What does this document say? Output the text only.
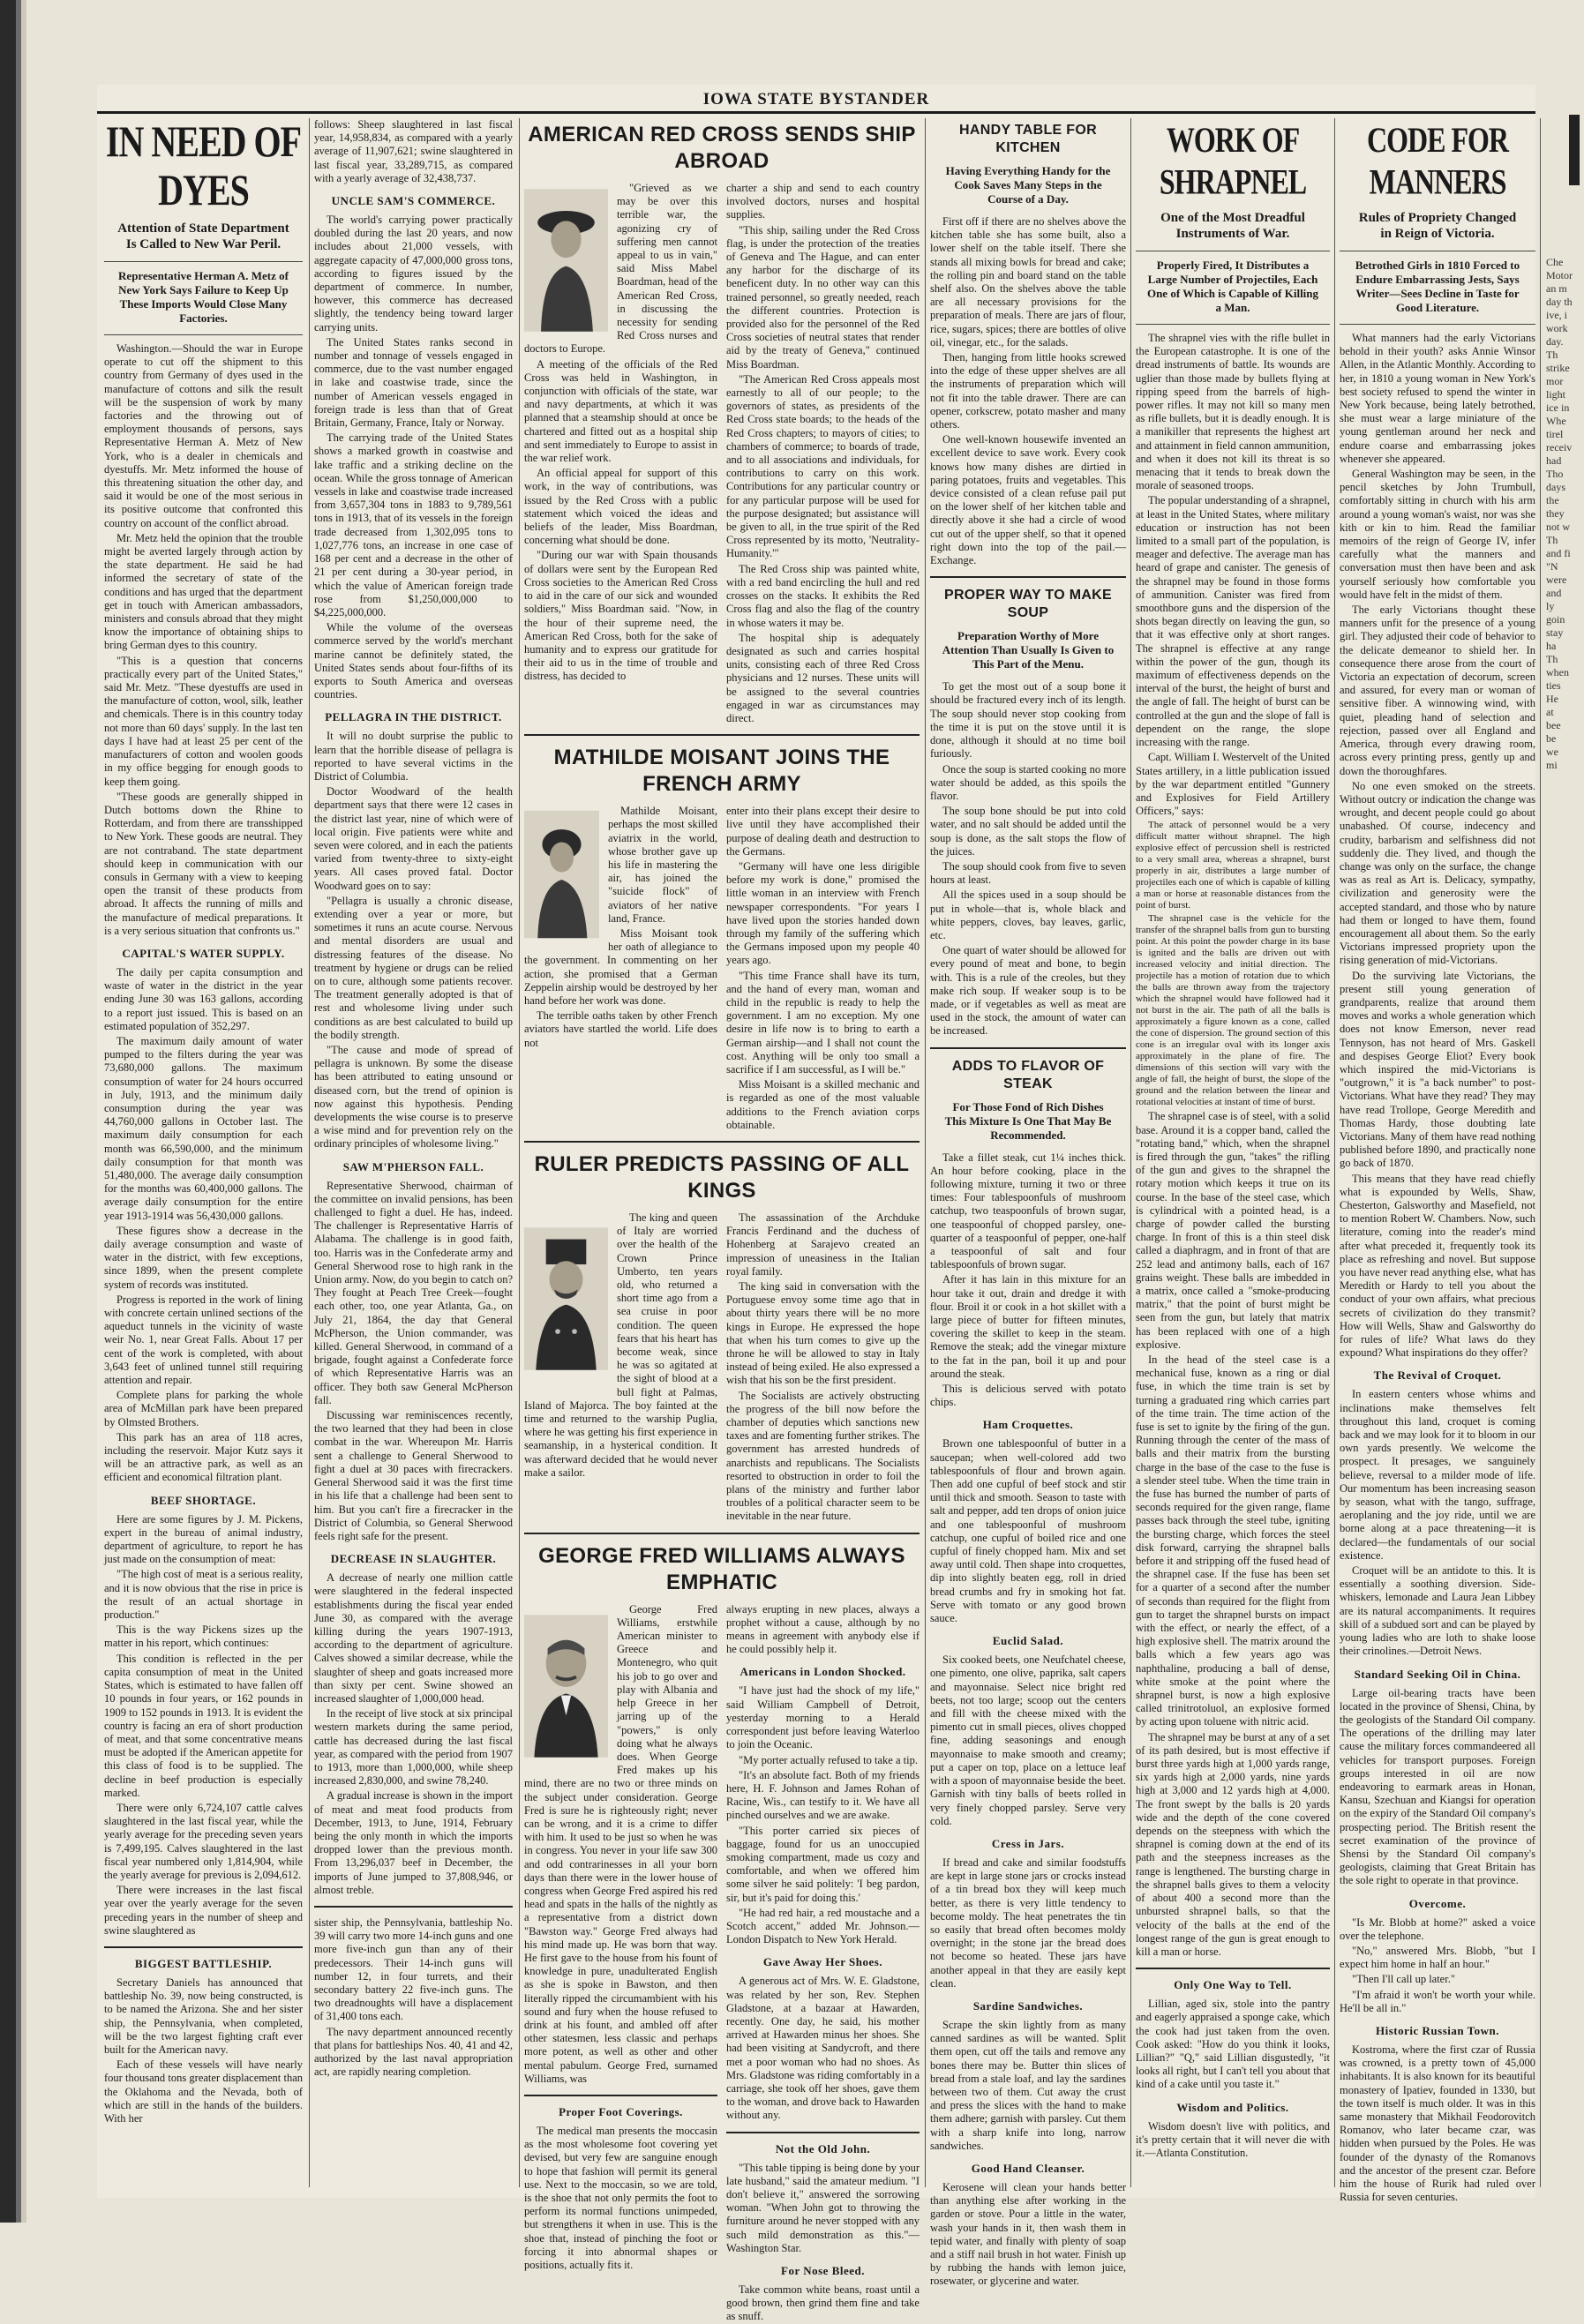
IOWA STATE BYSTANDER
IN NEED OF DYES
Attention of State Department Is Called to New War Peril.
Representative Herman A. Metz of New York Says Failure to Keep Up These Imports Would Close Many Factories.

Washington.—Should the war in Europe operate to cut off the shipment to this country from Germany of dyes used in the manufacture of cottons and silk the result will be the suspension of work by many factories and the throwing out of employment thousands of persons, says Representative Herman A. Metz of New York, who is a dealer in chemicals and dyestuffs. Mr. Metz informed the house of this threatening situation the other day, and said it would be one of the most serious in its positive outcome that confronted this country on account of the conflict abroad.

Mr. Metz held the opinion that the trouble might be averted largely through action by the state department. He said he had informed the secretary of state of the conditions and has urged that the department get in touch with American ambassadors, ministers and consuls abroad that they might know the importance of obtaining ships to bring German dyes to this country.

"This is a question that concerns practically every part of the United States," said Mr. Metz. "These dyestuffs are used in the manufacture of cotton, wool, silk, leather and chemicals. There is in this country today not more than 60 days' supply. In the last ten days I have had at least 25 per cent of the manufacturers of cotton and woolen goods in my office begging for enough goods to keep them going.

"These goods are generally shipped in Dutch bottoms down the Rhine to Rotterdam, and from there are transshipped to New York. These goods are neutral. They are not contraband. The state department should keep in communication with our consuls in Germany with a view to keeping open the transit of these products from abroad. It affects the running of mills and the manufacture of medical preparations. It is a very serious situation that confronts us."

CAPITAL'S WATER SUPPLY.

The daily per capita consumption and waste of water in the district in the year ending June 30 was 163 gallons, according to a report just issued. This is based on an estimated population of 352,297.

The maximum daily amount of water pumped to the filters during the year was 73,680,000 gallons. The maximum consumption of water for 24 hours occurred in July, 1913, and the minimum daily consumption during the year was 44,760,000 gallons in October last. The maximum daily consumption for each month was 66,590,000, and the minimum daily consumption for that month was 51,480,000. The average daily consumption for the months was 60,400,000 gallons. The average daily consumption for the entire year 1913-1914 was 56,430,000 gallons.

These figures show a decrease in the daily average consumption and waste of water in the district, with few exceptions, since 1899, when the present complete system of records was instituted.

Progress is reported in the work of lining with concrete certain unlined sections of the aqueduct tunnels in the vicinity of waste weir No. 1, near Great Falls. About 17 per cent of the work is completed, with about 3,643 feet of unlined tunnel still requiring attention and repair.

Complete plans for parking the whole area of McMillan park have been prepared by Olmsted Brothers.

This park has an area of 118 acres, including the reservoir. Major Kutz says it will be an attractive park, as well as an efficient and economical filtration plant.

BEEF SHORTAGE.

Here are some figures by J. M. Pickens, expert in the bureau of animal industry, department of agriculture, to report he has just made on the consumption of meat:

"The high cost of meat is a serious reality, and it is now obvious that the rise in price is the result of an actual shortage in production."

This is the way Pickens sizes up the matter in his report, which continues:

This condition is reflected in the per capita consumption of meat in the United States, which is estimated to have fallen off 10 pounds in four years, or 162 pounds in 1909 to 152 pounds in 1913. It is evident the country is facing an era of short production of meat, and that some concentrative means must be adopted if the American appetite for this class of food is to be supplied. The decline in beef production is especially marked.

There were only 6,724,107 cattle calves slaughtered in the last fiscal year, while the yearly average for the preceding seven years is 7,499,195. Calves slaughtered in the last fiscal year numbered only 1,814,904, while the yearly average for previous is 2,094,612.

There were increases in the last fiscal year over the yearly average for the seven preceding years in the number of sheep and swine slaughtered as

BIGGEST BATTLESHIP.

Secretary Daniels has announced that battleship No. 39, now being constructed, is to be named the Arizona. She and her sister ship, the Pennsylvania, when completed, will be the two largest fighting craft ever built for the American navy.

Each of these vessels will have nearly four thousand tons greater displacement than the Oklahoma and the Nevada, both of which are still in the hands of the builders. With her

follows: Sheep slaughtered in last fiscal year, 14,958,834, as compared with a yearly average of 11,907,621; swine slaughtered in last fiscal year, 33,289,715, as compared with a yearly average of 32,438,737.

UNCLE SAM'S COMMERCE.

The world's carrying power practically doubled during the last 20 years, and now includes about 21,000 vessels, with aggregate capacity of 47,000,000 gross tons, according to figures issued by the department of commerce. In number, however, this commerce has decreased slightly, the tendency being toward larger carrying units.

The United States ranks second in number and tonnage of vessels engaged in commerce, due to the vast number engaged in lake and coastwise trade, since the number of American vessels engaged in foreign trade is less than that of Great Britain, Germany, France, Italy or Norway.

The carrying trade of the United States shows a marked growth in coastwise and lake traffic and a striking decline on the ocean. While the gross tonnage of American vessels in lake and coastwise trade increased from 3,657,304 tons in 1883 to 9,789,561 tons in 1913, that of its vessels in the foreign trade decreased from 1,302,095 tons to 1,027,776 tons, an increase in one case of 168 per cent and a decrease in the other of 21 per cent during a 30-year period, in which the value of American foreign trade rose from $1,250,000,000 to $4,225,000,000.

While the volume of the overseas commerce served by the world's merchant marine cannot be definitely stated, the United States sends about four-fifths of its exports to South America and overseas countries.

PELLAGRA IN THE DISTRICT.

It will no doubt surprise the public to learn that the horrible disease of pellagra is reported to have several victims in the District of Columbia.

Doctor Woodward of the health department says that there were 12 cases in the district last year, nine of which were of local origin. Five patients were white and seven were colored, and in each the patients varied from twenty-three to sixty-eight years. All cases proved fatal. Doctor Woodward goes on to say:

"Pellagra is usually a chronic disease, extending over a year or more, but sometimes it runs an acute course. Nervous and mental disorders are usual and distressing features of the disease. No treatment by hygiene or drugs can be relied on to cure, although some patients recover. The treatment generally adopted is that of rest and wholesome living under such conditions as are best calculated to build up the bodily strength.

"The cause and mode of spread of pellagra is unknown. By some the disease has been attributed to eating unsound or diseased corn, but the trend of opinion is now against this hypothesis. Pending developments the wise course is to preserve a wise mind and for prevention rely on the ordinary principles of wholesome living."

SAW M'PHERSON FALL.

Representative Sherwood, chairman of the committee on invalid pensions, has been challenged to fight a duel. He has, indeed. The challenger is Representative Harris of Alabama. The challenge is in good faith, too. Harris was in the Confederate army and General Sherwood rose to high rank in the Union army. Now, do you begin to catch on? They fought at Peach Tree Creek—fought each other, too, one year Atlanta, Ga., on July 21, 1864, the day that General McPherson, the Union commander, was killed. General Sherwood, in command of a brigade, fought against a Confederate force of which Representative Harris was an officer. They both saw General McPherson fall.

Discussing war reminiscences recently, the two learned that they had been in close combat in the war. Whereupon Mr. Harris sent a challenge to General Sherwood to fight a duel at 30 paces with firecrackers. General Sherwood said it was the first time in his life that a challenge had been sent to him. But you can't fire a firecracker in the District of Columbia, so General Sherwood feels right safe for the present.

DECREASE IN SLAUGHTER.

A decrease of nearly one million cattle were slaughtered in the federal inspected establishments during the fiscal year ended June 30, as compared with the average killing during the years 1907-1913, according to the department of agriculture. Calves showed a similar decrease, while the slaughter of sheep and goats increased more than sixty per cent. Swine showed an increased slaughter of 1,000,000 head.

In the receipt of live stock at six principal western markets during the same period, cattle has decreased during the last fiscal year, as compared with the period from 1907 to 1913, more than 1,000,000, while sheep increased 2,830,000, and swine 78,240.

A gradual increase is shown in the import of meat and meat food products from December, 1913, to June, 1914, February being the only month in which the imports dropped lower than the previous month. From 13,296,037 beef in December, the imports of June jumped to 37,808,946, or almost treble.

sister ship, the Pennsylvania, battleship No. 39 will carry two more 14-inch guns and one more five-inch gun than any of their predecessors. Their 14-inch guns will number 12, in four turrets, and their secondary battery 22 five-inch guns. The two dreadnoughts will have a displacement of 31,400 tons each.

The navy department announced recently that plans for battleships Nos. 40, 41 and 42, authorized by the last naval appropriation act, are rapidly nearing completion.

AMERICAN RED CROSS SENDS SHIP ABROAD

"Grieved as we may be over this terrible war, the agonizing cry of suffering men cannot appeal to us in vain," said Miss Mabel Boardman, head of the American Red Cross, in discussing the necessity for sending Red Cross nurses and doctors to Europe.

A meeting of the officials of the Red Cross was held in Washington, in conjunction with officials of the state, war and navy departments, at which it was planned that a steamship should at once be chartered and fitted out as a hospital ship and sent immediately to Europe to assist in the war relief work.

An official appeal for support of this work, in the way of contributions, was issued by the Red Cross with a public statement which voiced the ideas and beliefs of the leader, Miss Boardman, concerning what should be done.

"During our war with Spain thousands of dollars were sent by the European Red Cross societies to the American Red Cross to aid in the care of our sick and wounded soldiers," Miss Boardman said. "Now, in the hour of their supreme need, the American Red Cross, both for the sake of humanity and to express our gratitude for their aid to us in the time of trouble and distress, has decided to

charter a ship and send to each country involved doctors, nurses and hospital supplies.

"This ship, sailing under the Red Cross flag, is under the protection of the treaties of Geneva and The Hague, and can enter any harbor for the discharge of its beneficent duty. In no other way can this trained personnel, so greatly needed, reach the different countries. Protection is provided also for the personnel of the Red Cross societies of neutral states that render aid by the treaty of Geneva," continued Miss Boardman.

"The American Red Cross appeals most earnestly to all of our people; to the governors of states, as presidents of the Red Cross state boards; to the heads of the Red Cross chapters; to mayors of cities; to chambers of commerce; to boards of trade, and to all associations and individuals, for contributions to carry on this work. Contributions for any particular country or for any particular purpose will be used for the purpose designated; but assistance will be given to all, in the true spirit of the Red Cross represented by its motto, 'Neutrality-Humanity.'"

The Red Cross ship was painted white, with a red band encircling the hull and red crosses on the stacks. It exhibits the Red Cross flag and also the flag of the country in whose waters it may be.

The hospital ship is adequately designated as such and carries hospital units, consisting each of three Red Cross physicians and 12 nurses. These units will be assigned to the several countries engaged in war as circumstances may direct.

MATHILDE MOISANT JOINS THE FRENCH ARMY

Mathilde Moisant, perhaps the most skilled aviatrix in the world, whose brother gave up his life in mastering the air, has joined the "suicide flock" of aviators of her native land, France.

Miss Moisant took her oath of allegiance to the government. In commenting on her action, she promised that a German Zeppelin airship would be destroyed by her hand before her work was done.

The terrible oaths taken by other French aviators have startled the world. Life does not

enter into their plans except their desire to live until they have accomplished their purpose of dealing death and destruction to the Germans.

"Germany will have one less dirigible before my work is done," promised the little woman in an interview with French newspaper correspondents. "For years I have lived upon the stories handed down through my family of the suffering which the Germans imposed upon my people 40 years ago.

"This time France shall have its turn, and the hand of every man, woman and child in the republic is ready to help the government. I am no exception. My one desire in life now is to bring to earth a German airship—and I shall not count the cost. Anything will be only too small a sacrifice if I am successful, as I will be."

Miss Moisant is a skilled mechanic and is regarded as one of the most valuable additions to the French aviation corps obtainable.

RULER PREDICTS PASSING OF ALL KINGS

The king and queen of Italy are worried over the health of the Crown Prince Umberto, ten years old, who returned a short time ago from a sea cruise in poor condition. The queen fears that his heart has become weak, since he was so agitated at the sight of blood at a bull fight at Palmas, Island of Majorca. The boy fainted at the time and returned to the warship Puglia, where he was getting his first experience in seamanship, in a hysterical condition. It was afterward decided that he would never make a sailor.

The assassination of the Archduke Francis Ferdinand and the duchess of Hohenberg at Sarajevo created an impression of uneasiness in the Italian royal family.

The king said in conversation with the Portuguese envoy some time ago that in about thirty years there will be no more kings in Europe. He expressed the hope that when his turn comes to give up the throne he will be allowed to stay in Italy instead of being exiled. He also expressed a wish that his son be the first president.

The Socialists are actively obstructing the progress of the bill now before the chamber of deputies which sanctions new taxes and are fomenting further strikes. The government has arrested hundreds of anarchists and republicans. The Socialists resorted to obstruction in order to foil the plans of the ministry and further labor troubles of a political character seem to be inevitable in the near future.

GEORGE FRED WILLIAMS ALWAYS EMPHATIC

George Fred Williams, erstwhile American minister to Greece and Montenegro, who quit his job to go over and play with Albania and help Greece in her jarring up of the "powers," is only doing what he always does. When George Fred makes up his mind, there are no two or three minds on the subject under consideration. George Fred is sure he is righteously right; never can be wrong, and it is a crime to differ with him. It used to be just so when he was in congress. You never in your life saw 300 and odd contrarinesses in all your born days than there were in the lower house of congress when George Fred aspired his red head and spats in the halls of the nightly as a representative from a district down "Bawston way." George Fred always had his mind made up. He was born that way. He first gave to the house from his fount of knowledge in pure, unadulterated English as she is spoke in Bawston, and then literally ripped the circumambient with his sound and fury when the house refused to drink at his fount, and ambled off after other statesmen, less classic and perhaps more potent, as well as other and other mental pabulum. George Fred, surnamed Williams, was

Proper Foot Coverings.

The medical man presents the moccasin as the most wholesome foot covering yet devised, but very few are sanguine enough to hope that fashion will permit its general use. Next to the moccasin, so we are told, is the shoe that not only permits the foot to perform its normal functions unimpeded, but strengthens it when in use. This is the shoe that, instead of pinching the foot or forcing it into abnormal shapes or positions, actually fits it.

always erupting in new places, always a prophet without a cause, although by no means in agreement with anybody else if he could possibly help it.

Americans in London Shocked.

"I have just had the shock of my life," said William Campbell of Detroit, yesterday morning to a Herald correspondent just before leaving Waterloo to join the Oceanic.

"My porter actually refused to take a tip.

"It's an absolute fact. Both of my friends here, H. F. Johnson and James Rohan of Racine, Wis., can testify to it. We have all pinched ourselves and we are awake.

"This porter carried six pieces of baggage, found for us an unoccupied smoking compartment, made us cozy and comfortable, and when we offered him some silver he said politely: 'I beg pardon, sir, but it's paid for doing this.'

"He had red hair, a red moustache and a Scotch accent," added Mr. Johnson.—London Dispatch to New York Herald.

Gave Away Her Shoes.

A generous act of Mrs. W. E. Gladstone, was related by her son, Rev. Stephen Gladstone, at a bazaar at Hawarden, recently. One day, he said, his mother arrived at Hawarden minus her shoes. She had been visiting at Sandycroft, and there met a poor woman who had no shoes. As Mrs. Gladstone was riding comfortably in a carriage, she took off her shoes, gave them to the woman, and drove back to Hawarden without any.

Not the Old John.

"This table tipping is being done by your late husband," said the amateur medium. "I don't believe it," answered the sorrowing woman. "When John got to throwing the furniture around he never stopped with any such mild demonstration as this."—Washington Star.

For Nose Bleed.

Take common white beans, roast until a good brown, then grind them fine and take as snuff.

HANDY TABLE FOR KITCHEN
Having Everything Handy for the Cook Saves Many Steps in the Course of a Day.

First off if there are no shelves above the kitchen table she has some built, also a lower shelf on the table itself. There she stands all mixing bowls for bread and cake; the rolling pin and board stand on the table shelf also. On the shelves above the table are all necessary provisions for the preparation of meals. There are jars of flour, rice, sugars, spices; there are bottles of olive oil, vinegar, etc., for the salads.

Then, hanging from little hooks screwed into the edge of these upper shelves are all the instruments of preparation which will not fit into the table drawer. There are can opener, corkscrew, potato masher and many others.

One well-known housewife invented an excellent device to save work. Every cook knows how many dishes are dirtied in paring potatoes, fruits and vegetables. This device consisted of a clean refuse pail put on the lower shelf of her kitchen table and directly above it she had a circle of wood cut out of the upper shelf, so that it opened right down into the top of the pail.—Exchange.

PROPER WAY TO MAKE SOUP
Preparation Worthy of More Attention Than Usually Is Given to This Part of the Menu.

To get the most out of a soup bone it should be fractured every inch of its length. The soup should never stop cooking from the time it is put on the stove until it is done, although it should at no time boil furiously.

Once the soup is started cooking no more water should be added, as this spoils the flavor.

The soup bone should be put into cold water, and no salt should be added until the soup is done, as the salt stops the flow of the juices.

The soup should cook from five to seven hours at least.

All the spices used in a soup should be put in whole—that is, whole black and white peppers, cloves, bay leaves, garlic, etc.

One quart of water should be allowed for every pound of meat and bone, to begin with. This is a rule of the creoles, but they make rich soup. If weaker soup is to be made, or if vegetables as well as meat are used in the stock, the amount of water can be increased.

ADDS TO FLAVOR OF STEAK
For Those Fond of Rich Dishes This Mixture Is One That May Be Recommended.

Take a fillet steak, cut 1¼ inches thick. An hour before cooking, place in the following mixture, turning it two or three times: Four tablespoonfuls of mushroom catchup, two teaspoonfuls of brown sugar, one teaspoonful of chopped parsley, one-quarter of a teaspoonful of pepper, one-half a teaspoonful of salt and four tablespoonfuls of brown sugar.

After it has lain in this mixture for an hour take it out, drain and dredge it with flour. Broil it or cook in a hot skillet with a large piece of butter for fifteen minutes, covering the skillet to keep in the steam. Remove the steak; add the vinegar mixture to the fat in the pan, boil it up and pour around the steak.

This is delicious served with potato chips.

Ham Croquettes.

Brown one tablespoonful of butter in a saucepan; when well-colored add two tablespoonfuls of flour and brown again. Then add one cupful of beef stock and stir until thick and smooth. Season to taste with salt and pepper, add ten drops of onion juice and one tablespoonful of mushroom catchup, one cupful of boiled rice and one cupful of finely chopped ham. Mix and set away until cold. Then shape into croquettes, dip into slightly beaten egg, roll in dried bread crumbs and fry in smoking hot fat. Serve with tomato or any good brown sauce.

Euclid Salad.

Six cooked beets, one Neufchatel cheese, one pimento, one olive, paprika, salt capers and mayonnaise. Select nice bright red beets, not too large; scoop out the centers and fill with the cheese mixed with the pimento cut in small pieces, olives chopped fine, adding seasonings and enough mayonnaise to make smooth and creamy; put a caper on top, place on a lettuce leaf with a spoon of mayonnaise beside the beet. Garnish with tiny balls of beets rolled in very finely chopped parsley. Serve very cold.

Cress in Jars.

If bread and cake and similar foodstuffs are kept in large stone jars or crocks instead of a tin bread box they will keep much better, as there is very little tendency to become moldy. The heat penetrates the tin so easily that bread often becomes moldy overnight; in the stone jar the bread does not become so heated. These jars have another appeal in that they are easily kept clean.

Sardine Sandwiches.

Scrape the skin lightly from as many canned sardines as will be wanted. Split them open, cut off the tails and remove any bones there may be. Butter thin slices of bread from a stale loaf, and lay the sardines between two of them. Cut away the crust and press the slices with the hand to make them adhere; garnish with parsley. Cut them with a sharp knife into long, narrow sandwiches.

Good Hand Cleanser.

Kerosene will clean your hands better than anything else after working in the garden or stove. Pour a little in the water, wash your hands in it, then wash them in tepid water, and finally with plenty of soap and a stiff nail brush in hot water. Finish up by rubbing the hands with lemon juice, rosewater, or glycerine and water.

WORK OF SHRAPNEL
One of the Most Dreadful Instruments of War.
Properly Fired, It Distributes a Large Number of Projectiles, Each One of Which is Capable of Killing a Man.

The shrapnel vies with the rifle bullet in the European catastrophe. It is one of the dread instruments of battle. Its wounds are uglier than those made by bullets flying at ripping speed from the barrels of high-power rifles. It may not kill so many men as rifle bullets, but it is deadly enough. It is a manikiller that represents the highest art and attainment in field cannon ammunition, and when it does not kill its threat is so menacing that it tends to break down the morale of seasoned troops.

The popular understanding of a shrapnel, at least in the United States, where military education or instruction has not been limited to a small part of the population, is meager and defective. The average man has heard of grape and canister. The genesis of the shrapnel may be found in those forms of ammunition. Canister was fired from smoothbore guns and the dispersion of the shots began directly on leaving the gun, so that it was effective only at short ranges. The shrapnel is effective at any range within the power of the gun, though its maximum of effectiveness depends on the interval of the burst, the height of burst and the angle of fall. The height of burst can be controlled at the gun and the slope of fall is dependent on the range, the slope increasing with the range.

Capt. William I. Westervelt of the United States artillery, in a little publication issued by the war department entitled "Gunnery and Explosives for Field Artillery Officers," says:

The attack of personnel would be a very difficult matter without shrapnel. The high explosive effect of percussion shell is restricted to a very small area, whereas a shrapnel, burst properly in air, distributes a large number of projectiles each one of which is capable of killing a man or horse at reasonable distances from the point of burst.

The shrapnel case is the vehicle for the transfer of the shrapnel balls from gun to bursting point. At this point the powder charge in its base is ignited and the balls are driven out with increased velocity and initial direction. The projectile has a motion of rotation due to which the balls are thrown away from the trajectory which the shrapnel would have followed had it not burst in the air. The path of all the balls is approximately a figure known as a cone, called the cone of dispersion. The ground section of this cone is an irregular oval with its longer axis approximately in the plane of fire. The dimensions of this section will vary with the angle of fall, the height of burst, the slope of the ground and the relation between the linear and rotational velocities at instant of time of burst.

The shrapnel case is of steel, with a solid base. Around it is a copper band, called the "rotating band," which, when the shrapnel is fired through the gun, "takes" the rifling of the gun and gives to the shrapnel the rotary motion which keeps it true on its course. In the base of the steel case, which is cylindrical with a pointed head, is a charge of powder called the bursting charge. In front of this is a thin steel disk called a diaphragm, and in front of that are 252 lead and antimony balls, each of 167 grains weight. These balls are imbedded in a matrix, once called a "smoke-producing matrix," that the point of burst might be seen from the gun, but lately that matrix has been replaced with one of a high explosive.

In the head of the steel case is a mechanical fuse, known as a ring or dial fuse, in which the time train is set by turning a graduated ring which carries part of the time train. The time action of the fuse is set to ignite by the firing of the gun. Running through the center of the mass of balls and their matrix from the bursting charge in the base of the case to the fuse is a slender steel tube. When the time train in the fuse has burned the number of parts of seconds required for the given range, flame passes back through the steel tube, igniting the bursting charge, which forces the steel disk forward, carrying the shrapnel balls before it and stripping off the fused head of the shrapnel case. If the fuse has been set for a quarter of a second after the number of seconds than required for the flight from gun to target the shrapnel bursts on impact with the effect, or nearly the effect, of a high explosive shell. The matrix around the balls which a few years ago was naphthaline, producing a ball of dense, white smoke at the point where the shrapnel burst, is now a high explosive called trinitrotoluol, an explosive formed by acting upon toluene with nitric acid.

The shrapnel may be burst at any of a set of its path desired, but is most effective if burst three yards high at 1,000 yards range, six yards high at 2,000 yards, nine yards high at 3,000 and 12 yards high at 4,000. The front swept by the balls is 20 yards wide and the depth of the cone covered depends on the steepness with which the shrapnel is coming down at the end of its path and the steepness increases as the range is lengthened. The bursting charge in the shrapnel balls gives to them a velocity of about 400 a second more than the unbursted shrapnel balls, so that the velocity of the balls at the end of the longest range of the gun is great enough to kill a man or horse.

Only One Way to Tell.

Lillian, aged six, stole into the pantry and eagerly appraised a sponge cake, which the cook had just taken from the oven. Cook asked: "How do you think it looks, Lillian?" "Q," said Lillian disgustedly, "it looks all right, but I can't tell you about that kind of a cake until you taste it."

Wisdom and Politics.

Wisdom doesn't live with politics, and it's pretty certain that it will never die with it.—Atlanta Constitution.

CODE FOR MANNERS
Rules of Propriety Changed in Reign of Victoria.
Betrothed Girls in 1810 Forced to Endure Embarrassing Jests, Says Writer—Sees Decline in Taste for Good Literature.

What manners had the early Victorians behold in their youth? asks Annie Winsor Allen, in the Atlantic Monthly. According to her, in 1810 a young woman in New York's best society refused to spend the winter in New York because, being lately betrothed, she must wear a large miniature of the young gentleman around her neck and endure coarse and embarrassing jokes whenever she appeared.

General Washington may be seen, in the pencil sketches by John Trumbull, comfortably sitting in church with his arm around a young woman's waist, nor was she kith or kin to him. Read the familiar memoirs of the reign of George IV, infer carefully what the manners and conversation must then have been and ask yourself seriously how comfortable you would have felt in the midst of them.

The early Victorians thought these manners unfit for the presence of a young girl. They adjusted their code of behavior to the delicate demeanor to shield her. In consequence there arose from the court of Victoria an expectation of decorum, screen and assured, for every man or woman of sensitive fiber. A winnowing wind, with quiet, pleading hand of selection and rejection, passed over all England and America, through every drawing room, across every printing press, gently up and down the thoroughfares.

No one even smoked on the streets. Without outcry or indication the change was wrought, and decent people could go about unabashed. Of course, indecency and crudity, barbarism and selfishness did not suddenly die. They lived, and though the change was only on the surface, the change was as real as Art is. Delicacy, sympathy, civilization and generosity were the accepted standard, and those who by nature had them or longed to have them, found encouragement all about them. So the early Victorians impressed propriety upon the rising generation of mid-Victorians.

Do the surviving late Victorians, the present still young generation of grandparents, realize that around them moves and works a whole generation which does not know Emerson, never read Tennyson, has not heard of Mrs. Gaskell and despises George Eliot? Every book which inspired the mid-Victorians is "outgrown," it is "a back number" to post-Victorians. What have they read? They may have read Trollope, George Meredith and Thomas Hardy, those doubting late Victorians. Many of them have read nothing published before 1890, and practically none go back of 1870.

This means that they have read chiefly what is expounded by Wells, Shaw, Chesterton, Galsworthy and Masefield, not to mention Robert W. Chambers. Now, such literature, coming into the reader's mind after what preceded it, frequently took its place as refreshing and novel. But suppose you have never read anything else, what has Meredith or Hardy to tell you about the conduct of your own affairs, what precious secrets of civilization do they transmit? How will Wells, Shaw and Galsworthy do for rules of life? What laws do they expound? What inspirations do they offer?

The Revival of Croquet.

In eastern centers whose whims and inclinations make themselves felt throughout this land, croquet is coming back and we may look for it to bloom in our own yards presently. We welcome the prospect. It presages, we sanguinely believe, reversal to a milder mode of life. Our momentum has been increasing season by season, what with the tango, suffrage, aeroplaning and the joy ride, until we are borne along at a pace threatening—it is declared—the fundamentals of our social existence.

Croquet will be an antidote to this. It is essentially a soothing diversion. Side-whiskers, lemonade and Laura Jean Libbey are its natural accompaniments. It requires skill of a subdued sort and can be played by young ladies who are loth to shake loose their crinolines.—Detroit News.

Standard Seeking Oil in China.

Large oil-bearing tracts have been located in the province of Shensi, China, by the geologists of the Standard Oil company. The operations of the drilling may later cause the military forces commandeered all vehicles for transport purposes. Foreign groups interested in oil are now endeavoring to earmark areas in Honan, Kansu, Szechuan and Kiangsi for operation on the expiry of the Standard Oil company's prospecting period. The British resent the secret examination of the province of Shensi by the Standard Oil company's geologists, claiming that Great Britain has the sole right to operate in that province.

Overcome.

"Is Mr. Blobb at home?" asked a voice over the telephone.

"No," answered Mrs. Blobb, "but I expect him home in half an hour."

"Then I'll call up later."

"I'm afraid it won't be worth your while. He'll be all in."

Historic Russian Town.

Kostroma, where the first czar of Russia was crowned, is a pretty town of 45,000 inhabitants. It is also known for its beautiful monastery of Ipatiev, founded in 1330, but the town itself is much older. It was in this same monastery that Mikhail Feodorovitch Romanov, who later became czar, was hidden when pursued by the Poles. He was founder of the dynasty of the Romanovs and the ancestor of the present czar. Before him the house of Rurik had ruled over Russia for seven centuries.

Che
Motor
an m
day th
ive, i
work
day.
Th
strike
mor
light
ice in
Whe
tirel
receiv
had
Tho
days
the
they
not w
Th
and fi
"N
were
and
ly
goin
stay
ha
Th
when
ties
He
at
bee
be
we
mi
